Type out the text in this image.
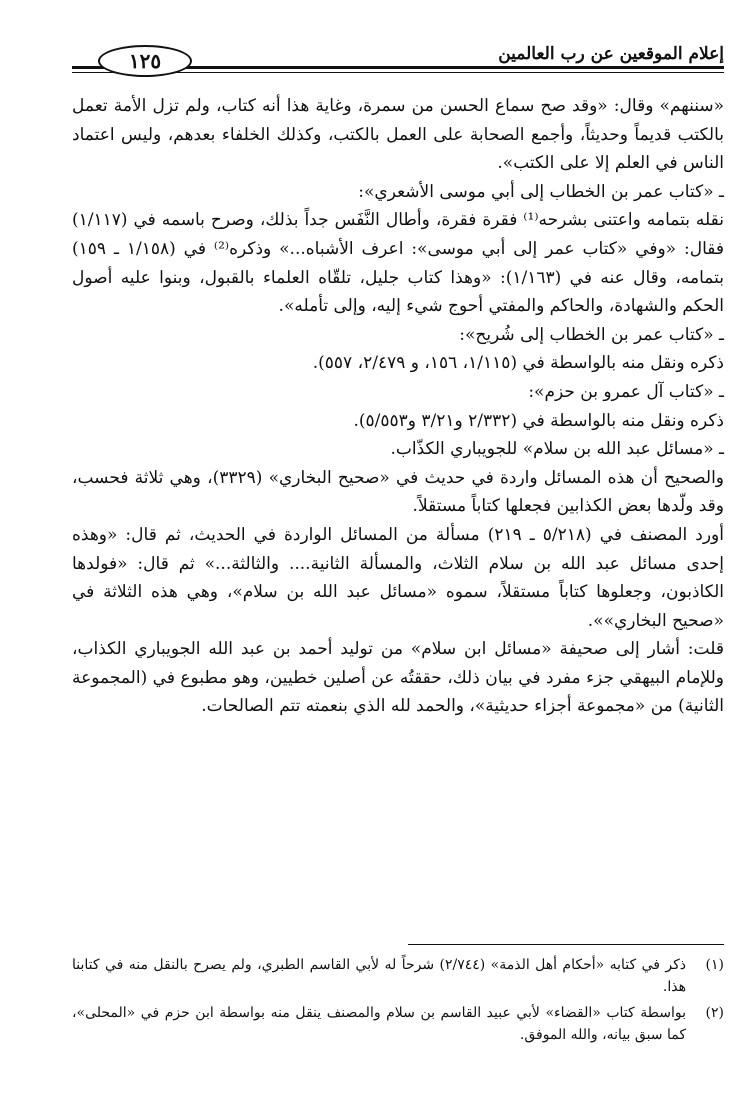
إعلام الموقعين عن رب العالمين
١٢٥

«سننهم» وقال: «وقد صح سماع الحسن من سمرة، وغاية هذا أنه كتاب، ولم تزل الأمة تعمل بالكتب قديماً وحديثاً، وأجمع الصحابة على العمل بالكتب، وكذلك الخلفاء بعدهم، وليس اعتماد الناس في العلم إلا على الكتب».

ـ «كتاب عمر بن الخطاب إلى أبي موسى الأشعري»:

نقله بتمامه واعتنى بشرحه⁽¹⁾ فقرة فقرة، وأطال النَّفَس جداً بذلك، وصرح باسمه في (١/١١٧) فقال: «وفي «كتاب عمر إلى أبي موسى»: اعرف الأشباه...» وذكره⁽²⁾ في (١/١٥٨ ـ ١٥٩) بتمامه، وقال عنه في (١/١٦٣): «وهذا كتاب جليل، تلقّاه العلماء بالقبول، وبنوا عليه أصول الحكم والشهادة، والحاكم والمفتي أحوج شيء إليه، وإلى تأمله».

ـ «كتاب عمر بن الخطاب إلى شُريح»:

ذكره ونقل منه بالواسطة في (١/١١٥، ١٥٦، و ٢/٤٧٩، ٥٥٧).

ـ «كتاب آل عمرو بن حزم»:

ذكره ونقل منه بالواسطة في (٢/٣٣٢ و٣/٢١ و٥/٥٥٣).

ـ «مسائل عبد الله بن سلام» للجويباري الكذّاب.

والصحيح أن هذه المسائل واردة في حديث في «صحيح البخاري» (٣٣٢٩)، وهي ثلاثة فحسب، وقد ولّدها بعض الكذابين فجعلها كتاباً مستقلاً.

أورد المصنف في (٥/٢١٨ ـ ٢١٩) مسألة من المسائل الواردة في الحديث، ثم قال: «وهذه إحدى مسائل عبد الله بن سلام الثلاث، والمسألة الثانية.... والثالثة...» ثم قال: «فولدها الكاذبون، وجعلوها كتاباً مستقلاً، سموه «مسائل عبد الله بن سلام»، وهي هذه الثلاثة في «صحيح البخاري»».

قلت: أشار إلى صحيفة «مسائل ابن سلام» من توليد أحمد بن عبد الله الجويباري الكذاب، وللإمام البيهقي جزء مفرد في بيان ذلك، حققتُه عن أصلين خطيين، وهو مطبوع في (المجموعة الثانية) من «مجموعة أجزاء حديثية»، والحمد لله الذي بنعمته تتم الصالحات.

(١)
ذكر في كتابه «أحكام أهل الذمة» (٢/٧٤٤) شرحاً له لأبي القاسم الطبري، ولم يصرح بالنقل منه في كتابنا هذا.
(٢)
بواسطة كتاب «القضاء» لأبي عبيد القاسم بن سلام والمصنف ينقل منه بواسطة ابن حزم في «المحلى»، كما سبق بيانه، والله الموفق.
